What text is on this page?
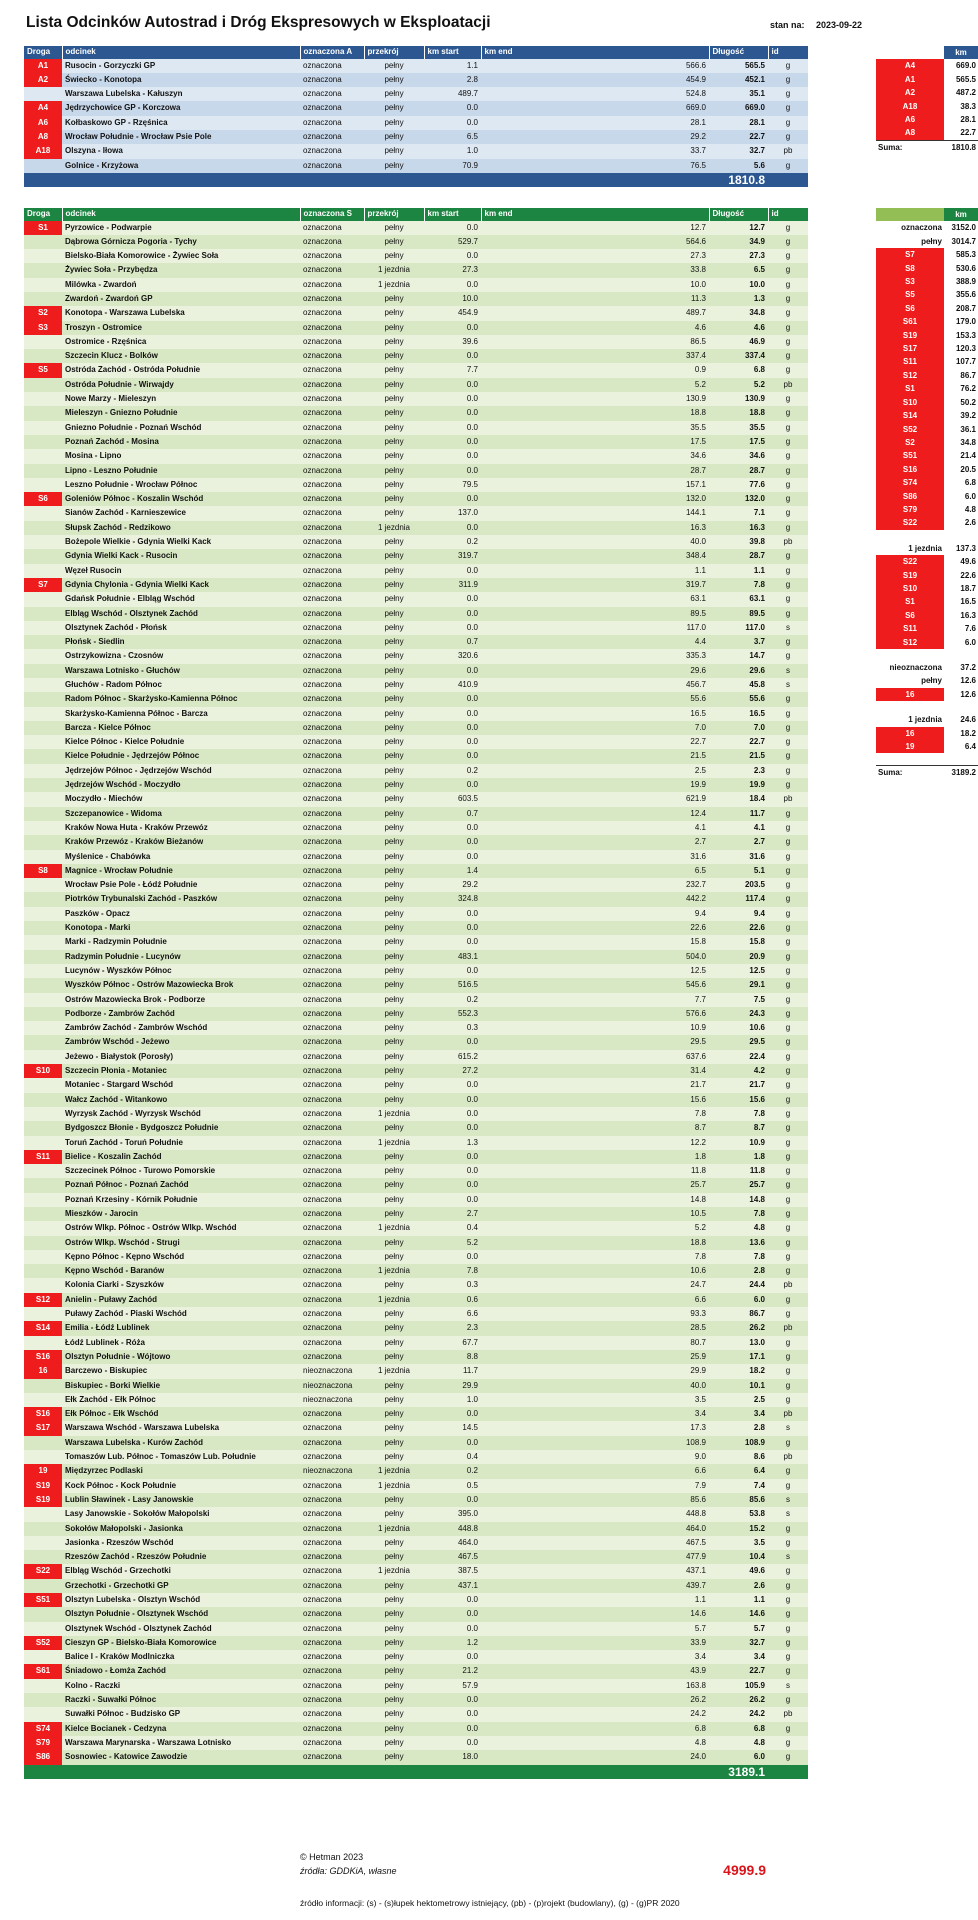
Lista Odcinków Autostrad i Dróg Ekspresowych w Eksploatacji	stan na: 2023-09-22
Droga	odcinek	oznaczona A	przekrój	km start	km end	Długość	id
A1	Rusocin - Gorzyczki GP	oznaczona	pełny	1.1	566.6	565.5	g
A2	Świecko - Konotopa	oznaczona	pełny	2.8	454.9	452.1	g
	Warszawa Lubelska - Kałuszyn	oznaczona	pełny	489.7	524.8	35.1	g
A4	Jędrzychowice GP - Korczowa	oznaczona	pełny	0.0	669.0	669.0	g
A6	Kołbaskowo GP - Rzęśnica	oznaczona	pełny	0.0	28.1	28.1	g
A8	Wrocław Południe - Wrocław Psie Pole	oznaczona	pełny	6.5	29.2	22.7	g
A18	Olszyna - Iłowa	oznaczona	pełny	1.0	33.7	32.7	pb
	Golnice - Krzyżowa	oznaczona	pełny	70.9	76.5	5.6	g
						1810.8	
Droga	odcinek	oznaczona S	przekrój	km start	km end	Długość	id
S1	Pyrzowice - Podwarpie	oznaczona	pełny	0.0	12.7	12.7	g
	Dąbrowa Górnicza Pogoria - Tychy	oznaczona	pełny	529.7	564.6	34.9	g
	Bielsko-Biała Komorowice - Żywiec Soła	oznaczona	pełny	0.0	27.3	27.3	g
	Żywiec Soła - Przybędza	oznaczona	1 jezdnia	27.3	33.8	6.5	g
	Milówka - Zwardoń	oznaczona	1 jezdnia	0.0	10.0	10.0	g
	Zwardoń - Zwardoń GP	oznaczona	pełny	10.0	11.3	1.3	g
S2	Konotopa - Warszawa Lubelska	oznaczona	pełny	454.9	489.7	34.8	g
S3	Troszyn - Ostromice	oznaczona	pełny	0.0	4.6	4.6	g
	Ostromice - Rzęśnica	oznaczona	pełny	39.6	86.5	46.9	g
	Szczecin Klucz - Bolków	oznaczona	pełny	0.0	337.4	337.4	g
S5	Ostróda Zachód - Ostróda Południe	oznaczona	pełny	7.7	0.9	6.8	g
	Ostróda Południe - Wirwajdy	oznaczona	pełny	0.0	5.2	5.2	pb
	Nowe Marzy - Mieleszyn	oznaczona	pełny	0.0	130.9	130.9	g
	Mieleszyn - Gniezno Południe	oznaczona	pełny	0.0	18.8	18.8	g
	Gniezno Południe - Poznań Wschód	oznaczona	pełny	0.0	35.5	35.5	g
	Poznań Zachód - Mosina	oznaczona	pełny	0.0	17.5	17.5	g
	Mosina - Lipno	oznaczona	pełny	0.0	34.6	34.6	g
	Lipno - Leszno Południe	oznaczona	pełny	0.0	28.7	28.7	g
	Leszno Południe - Wrocław Północ	oznaczona	pełny	79.5	157.1	77.6	g
S6	Goleniów Północ - Koszalin Wschód	oznaczona	pełny	0.0	132.0	132.0	g
	Sianów Zachód - Karnieszewice	oznaczona	pełny	137.0	144.1	7.1	g
	Słupsk Zachód - Redzikowo	oznaczona	1 jezdnia	0.0	16.3	16.3	g
	Bożepole Wielkie - Gdynia Wielki Kack	oznaczona	pełny	0.2	40.0	39.8	pb
	Gdynia Wielki Kack - Rusocin	oznaczona	pełny	319.7	348.4	28.7	g
	Węzeł Rusocin	oznaczona	pełny	0.0	1.1	1.1	g
S7	Gdynia Chylonia - Gdynia Wielki Kack	oznaczona	pełny	311.9	319.7	7.8	g
	Gdańsk Południe - Elbląg Wschód	oznaczona	pełny	0.0	63.1	63.1	g
	Elbląg Wschód - Olsztynek Zachód	oznaczona	pełny	0.0	89.5	89.5	g
	Olsztynek Zachód - Płońsk	oznaczona	pełny	0.0	117.0	117.0	s
	Płońsk - Siedlin	oznaczona	pełny	0.7	4.4	3.7	g
	Ostrzykowizna - Czosnów	oznaczona	pełny	320.6	335.3	14.7	g
	Warszawa Lotnisko - Głuchów	oznaczona	pełny	0.0	29.6	29.6	s
	Głuchów - Radom Północ	oznaczona	pełny	410.9	456.7	45.8	s
	Radom Północ - Skarżysko-Kamienna Północ	oznaczona	pełny	0.0	55.6	55.6	g
	Skarżysko-Kamienna Północ - Barcza	oznaczona	pełny	0.0	16.5	16.5	g
	Barcza - Kielce Północ	oznaczona	pełny	0.0	7.0	7.0	g
	Kielce Północ - Kielce Południe	oznaczona	pełny	0.0	22.7	22.7	g
	Kielce Południe - Jędrzejów Północ	oznaczona	pełny	0.0	21.5	21.5	g
	Jędrzejów Północ - Jędrzejów Wschód	oznaczona	pełny	0.2	2.5	2.3	g
	Jędrzejów Wschód - Moczydło	oznaczona	pełny	0.0	19.9	19.9	g
	Moczydło - Miechów	oznaczona	pełny	603.5	621.9	18.4	pb
	Szczepanowice - Widoma	oznaczona	pełny	0.7	12.4	11.7	g
	Kraków Nowa Huta - Kraków Przewóz	oznaczona	pełny	0.0	4.1	4.1	g
	Kraków Przewóz - Kraków Bieżanów	oznaczona	pełny	0.0	2.7	2.7	g
	Myślenice - Chabówka	oznaczona	pełny	0.0	31.6	31.6	g
S8	Magnice - Wrocław Południe	oznaczona	pełny	1.4	6.5	5.1	g
	Wrocław Psie Pole - Łódź Południe	oznaczona	pełny	29.2	232.7	203.5	g
	Piotrków Trybunalski Zachód - Paszków	oznaczona	pełny	324.8	442.2	117.4	g
	Paszków - Opacz	oznaczona	pełny	0.0	9.4	9.4	g
	Konotopa - Marki	oznaczona	pełny	0.0	22.6	22.6	g
	Marki - Radzymin Południe	oznaczona	pełny	0.0	15.8	15.8	g
	Radzymin Południe - Lucynów	oznaczona	pełny	483.1	504.0	20.9	g
	Lucynów - Wyszków Północ	oznaczona	pełny	0.0	12.5	12.5	g
	Wyszków Północ - Ostrów Mazowiecka Brok	oznaczona	pełny	516.5	545.6	29.1	g
	Ostrów Mazowiecka Brok - Podborze	oznaczona	pełny	0.2	7.7	7.5	g
	Podborze - Zambrów Zachód	oznaczona	pełny	552.3	576.6	24.3	g
	Zambrów Zachód - Zambrów Wschód	oznaczona	pełny	0.3	10.9	10.6	g
	Zambrów Wschód - Jeżewo	oznaczona	pełny	0.0	29.5	29.5	g
	Jeżewo - Białystok (Porosły)	oznaczona	pełny	615.2	637.6	22.4	g
S10	Szczecin Płonia - Motaniec	oznaczona	pełny	27.2	31.4	4.2	g
	Motaniec - Stargard Wschód	oznaczona	pełny	0.0	21.7	21.7	g
	Wałcz Zachód - Witankowo	oznaczona	pełny	0.0	15.6	15.6	g
	Wyrzysk Zachód - Wyrzysk Wschód	oznaczona	1 jezdnia	0.0	7.8	7.8	g
	Bydgoszcz Błonie - Bydgoszcz Południe	oznaczona	pełny	0.0	8.7	8.7	g
	Toruń Zachód - Toruń Południe	oznaczona	1 jezdnia	1.3	12.2	10.9	g
S11	Bielice - Koszalin Zachód	oznaczona	pełny	0.0	1.8	1.8	g
	Szczecinek Północ - Turowo Pomorskie	oznaczona	pełny	0.0	11.8	11.8	g
	Poznań Północ - Poznań Zachód	oznaczona	pełny	0.0	25.7	25.7	g
	Poznań Krzesiny - Kórnik Południe	oznaczona	pełny	0.0	14.8	14.8	g
	Mieszków - Jarocin	oznaczona	pełny	2.7	10.5	7.8	g
	Ostrów Wlkp. Północ - Ostrów Wlkp. Wschód	oznaczona	1 jezdnia	0.4	5.2	4.8	g
	Ostrów Wlkp. Wschód - Strugi	oznaczona	pełny	5.2	18.8	13.6	g
	Kępno Północ - Kępno Wschód	oznaczona	pełny	0.0	7.8	7.8	g
	Kępno Wschód - Baranów	oznaczona	1 jezdnia	7.8	10.6	2.8	g
	Kolonia Ciarki - Szyszków	oznaczona	pełny	0.3	24.7	24.4	pb
S12	Anielin - Puławy Zachód	oznaczona	1 jezdnia	0.6	6.6	6.0	g
	Puławy Zachód - Piaski Wschód	oznaczona	pełny	6.6	93.3	86.7	g
S14	Emilia - Łódź Lublinek	oznaczona	pełny	2.3	28.5	26.2	pb
	Łódź Lublinek - Róża	oznaczona	pełny	67.7	80.7	13.0	g
S16	Olsztyn Południe - Wójtowo	oznaczona	pełny	8.8	25.9	17.1	g
16	Barczewo - Biskupiec	nieoznaczona	1 jezdnia	11.7	29.9	18.2	g
	Biskupiec - Borki Wielkie	nieoznaczona	pełny	29.9	40.0	10.1	g
	Ełk Zachód - Ełk Północ	nieoznaczona	pełny	1.0	3.5	2.5	g
S16	Ełk Północ - Ełk Wschód	oznaczona	pełny	0.0	3.4	3.4	pb
S17	Warszawa Wschód - Warszawa Lubelska	oznaczona	pełny	14.5	17.3	2.8	s
	Warszawa Lubelska - Kurów Zachód	oznaczona	pełny	0.0	108.9	108.9	g
	Tomaszów Lub. Północ - Tomaszów Lub. Południe	oznaczona	pełny	0.4	9.0	8.6	pb
19	Międzyrzec Podlaski	nieoznaczona	1 jezdnia	0.2	6.6	6.4	g
S19	Kock Północ - Kock Południe	oznaczona	1 jezdnia	0.5	7.9	7.4	g
S19	Lublin Sławinek - Lasy Janowskie	oznaczona	pełny	0.0	85.6	85.6	s
	Lasy Janowskie - Sokołów Małopolski	oznaczona	pełny	395.0	448.8	53.8	s
	Sokołów Małopolski - Jasionka	oznaczona	1 jezdnia	448.8	464.0	15.2	g
	Jasionka - Rzeszów Wschód	oznaczona	pełny	464.0	467.5	3.5	g
	Rzeszów Zachód - Rzeszów Południe	oznaczona	pełny	467.5	477.9	10.4	s
S22	Elbląg Wschód - Grzechotki	oznaczona	1 jezdnia	387.5	437.1	49.6	g
	Grzechotki - Grzechotki GP	oznaczona	pełny	437.1	439.7	2.6	g
S51	Olsztyn Lubelska - Olsztyn Wschód	oznaczona	pełny	0.0	1.1	1.1	g
	Olsztyn Południe - Olsztynek Wschód	oznaczona	pełny	0.0	14.6	14.6	g
	Olsztynek Wschód - Olsztynek Zachód	oznaczona	pełny	0.0	5.7	5.7	g
S52	Cieszyn GP - Bielsko-Biała Komorowice	oznaczona	pełny	1.2	33.9	32.7	g
	Balice I - Kraków Modlniczka	oznaczona	pełny	0.0	3.4	3.4	g
S61	Śniadowo - Łomża Zachód	oznaczona	pełny	21.2	43.9	22.7	g
	Kolno - Raczki	oznaczona	pełny	57.9	163.8	105.9	s
	Raczki - Suwałki Północ	oznaczona	pełny	0.0	26.2	26.2	g
	Suwałki Północ - Budzisko GP	oznaczona	pełny	0.0	24.2	24.2	pb
S74	Kielce Bocianek - Cedzyna	oznaczona	pełny	0.0	6.8	6.8	g
S79	Warszawa Marynarska - Warszawa Lotnisko	oznaczona	pełny	0.0	4.8	4.8	g
S86	Sosnowiec - Katowice Zawodzie	oznaczona	pełny	18.0	24.0	6.0	g
						3189.1	
4999.9
© Hetman 2023
źródła: GDDKiA, własne
źródło informacji: (s) - (s)łupek hektometrowy istniejący, (pb) - (p)rojekt (budowlany), (g) - (g)PR 2020
	km
A4	669.0
A1	565.5
A2	487.2
A18	38.3
A6	28.1
A8	22.7
Suma:	1810.8
	km
oznaczona	3152.0
pełny	3014.7
S7	585.3
S8	530.6
S3	388.9
S5	355.6
S6	208.7
S61	179.0
S19	153.3
S17	120.3
S11	107.7
S12	86.7
S1	76.2
S10	50.2
S14	39.2
S52	36.1
S2	34.8
S51	21.4
S16	20.5
S74	6.8
S86	6.0
S79	4.8
S22	2.6

1 jezdnia	137.3
S22	49.6
S19	22.6
S10	18.7
S1	16.5
S6	16.3
S11	7.6
S12	6.0

nieoznaczona	37.2
pełny	12.6
16	12.6

1 jezdnia	24.6
16	18.2
19	6.4

Suma:	3189.2
